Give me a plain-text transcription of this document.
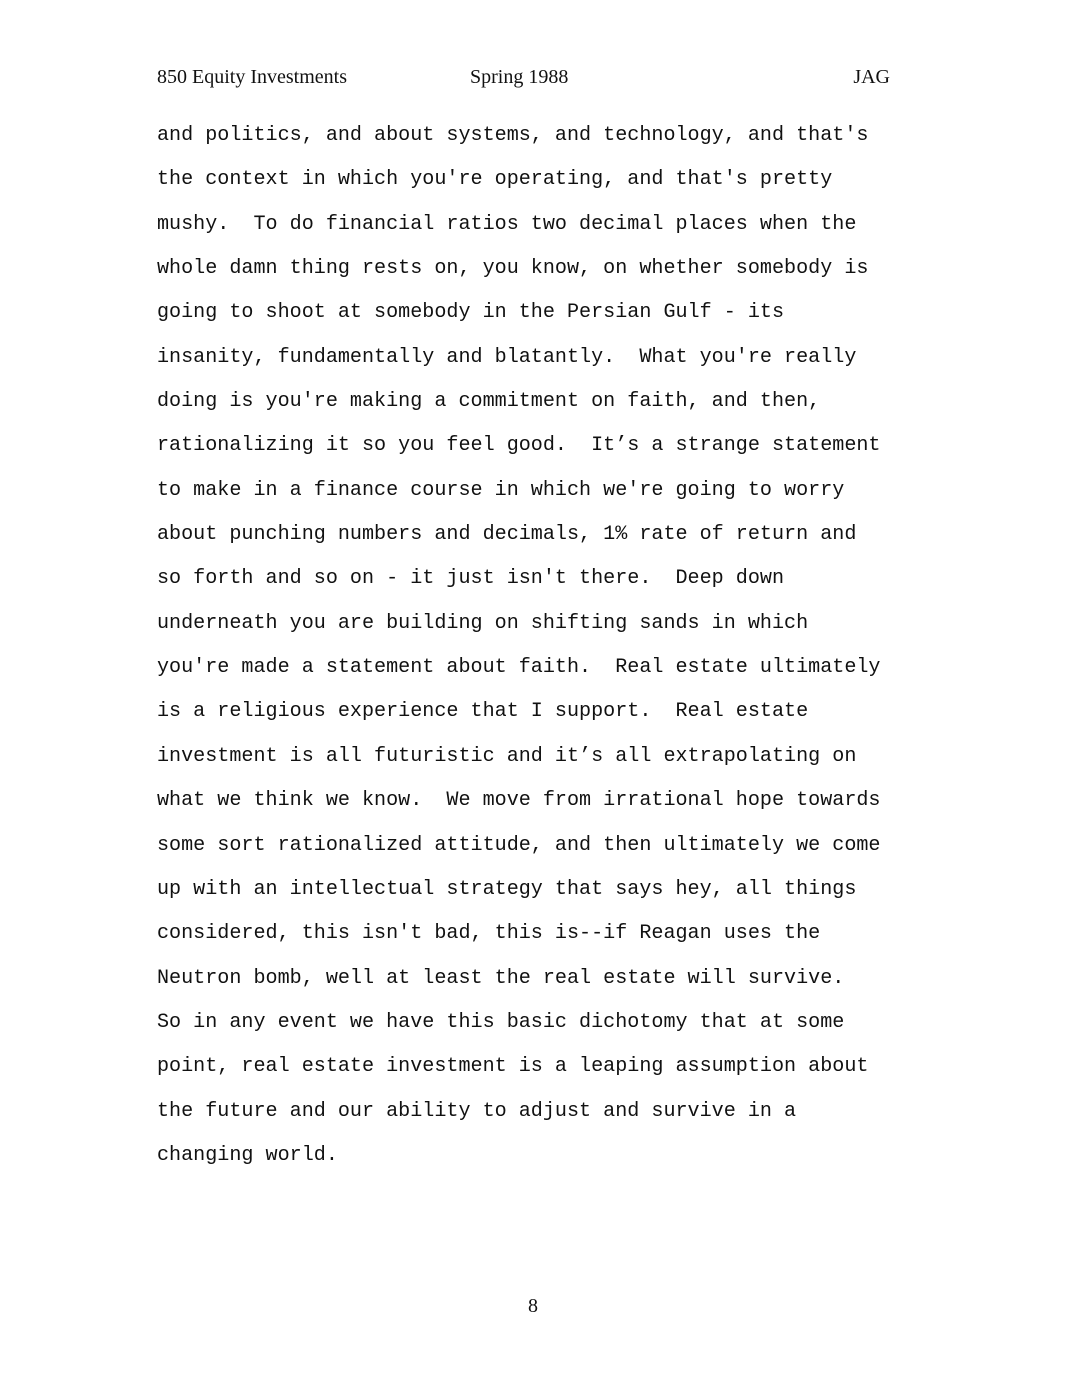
850 Equity Investments	Spring 1988	JAG
and politics, and about systems, and technology, and that's
the context in which you're operating, and that's pretty
mushy.  To do financial ratios two decimal places when the
whole damn thing rests on, you know, on whether somebody is
going to shoot at somebody in the Persian Gulf - its
insanity, fundamentally and blatantly.  What you're really
doing is you're making a commitment on faith, and then,
rationalizing it so you feel good.  It’s a strange statement
to make in a finance course in which we're going to worry
about punching numbers and decimals, 1% rate of return and
so forth and so on - it just isn't there.  Deep down
underneath you are building on shifting sands in which
you're made a statement about faith.  Real estate ultimately
is a religious experience that I support.  Real estate
investment is all futuristic and it’s all extrapolating on
what we think we know.  We move from irrational hope towards
some sort rationalized attitude, and then ultimately we come
up with an intellectual strategy that says hey, all things
considered, this isn't bad, this is--if Reagan uses the
Neutron bomb, well at least the real estate will survive.
So in any event we have this basic dichotomy that at some
point, real estate investment is a leaping assumption about
the future and our ability to adjust and survive in a
changing world.
8
